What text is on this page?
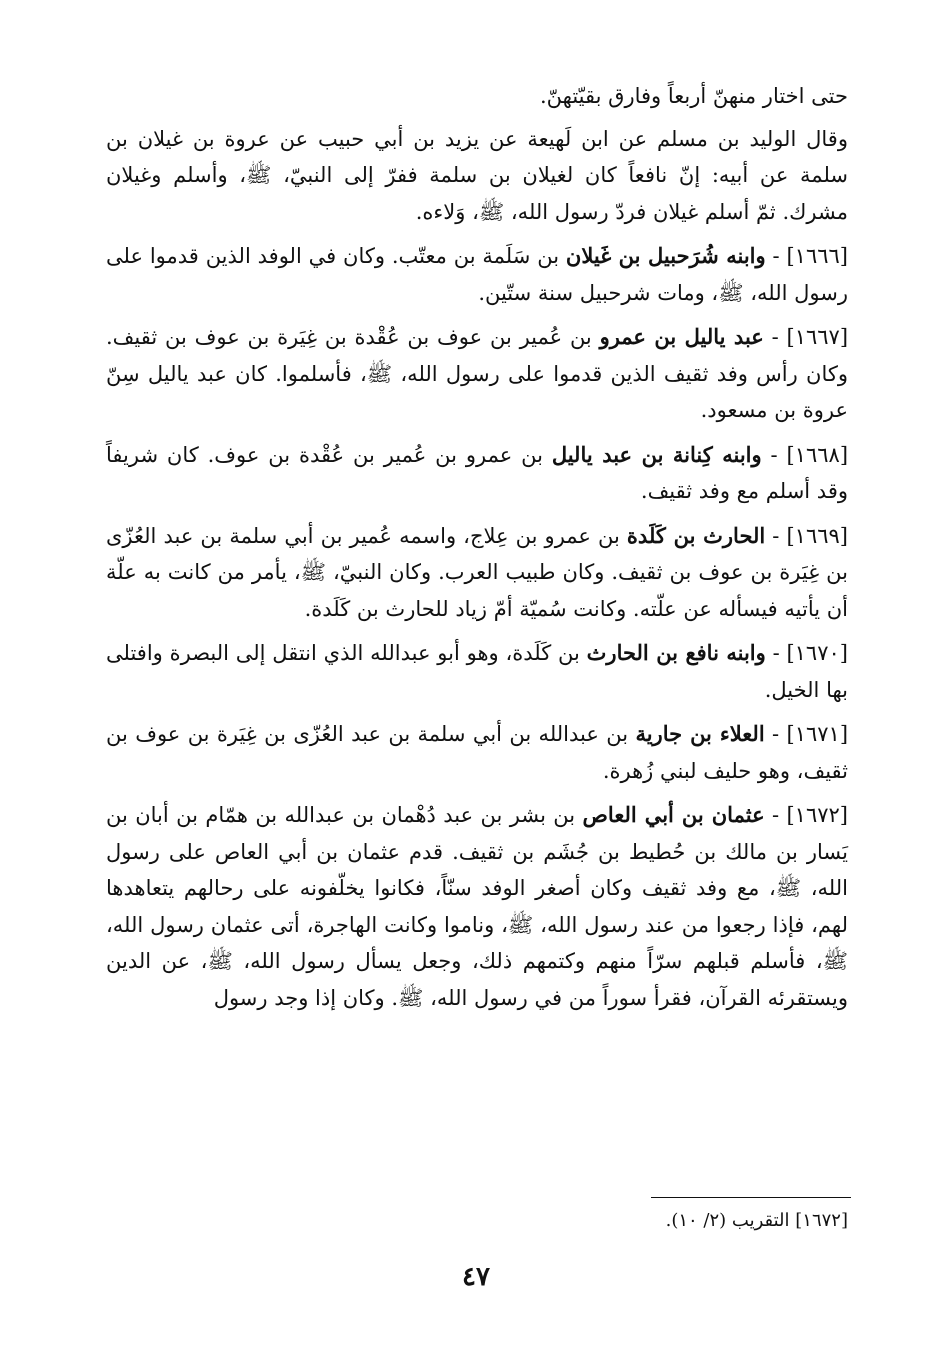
حتى اختار منهنّ أربعاً وفارق بقيّتهنّ.

وقال الوليد بن مسلم عن ابن لَهيعة عن يزيد بن أبي حبيب عن عروة بن غيلان بن سلمة عن أبيه: إنّ نافعاً كان لغيلان بن سلمة ففرّ إلى النبيّ، ﷺ، وأسلم وغيلان مشرك. ثمّ أسلم غيلان فردّ رسول الله، ﷺ، وَلاءه.

[١٦٦٦] - وابنه شُرَحبيل بن غَيلان بن سَلَمة بن معتّب. وكان في الوفد الذين قدموا على رسول الله، ﷺ، ومات شرحبيل سنة ستّين.

[١٦٦٧] - عبد ياليل بن عمرو بن عُمير بن عوف بن عُقْدة بن غِيَرة بن عوف بن ثقيف. وكان رأس وفد ثقيف الذين قدموا على رسول الله، ﷺ، فأسلموا. كان عبد ياليل سِنّ عروة بن مسعود.

[١٦٦٨] - وابنه كِنانة بن عبد ياليل بن عمرو بن عُمير بن عُقْدة بن عوف. كان شريفاً وقد أسلم مع وفد ثقيف.

[١٦٦٩] - الحارث بن كَلَدة بن عمرو بن عِلاج، واسمه عُمير بن أبي سلمة بن عبد العُزّى بن غِيَرة بن عوف بن ثقيف. وكان طبيب العرب. وكان النبيّ، ﷺ، يأمر من كانت به علّة أن يأتيه فيسأله عن علّته. وكانت سُميّة أمّ زياد للحارث بن كَلَدة.

[١٦٧٠] - وابنه نافع بن الحارث بن كَلَدة، وهو أبو عبدالله الذي انتقل إلى البصرة وافتلى بها الخيل.

[١٦٧١] - العلاء بن جارية بن عبدالله بن أبي سلمة بن عبد العُزّى بن غِيَرة بن عوف بن ثقيف، وهو حليف لبني زُهرة.

[١٦٧٢] - عثمان بن أبي العاص بن بشر بن عبد دُهْمان بن عبدالله بن همّام بن أبان بن يَسار بن مالك بن حُطيط بن جُشَم بن ثقيف. قدم عثمان بن أبي العاص على رسول الله، ﷺ، مع وفد ثقيف وكان أصغر الوفد سنّاً، فكانوا يخلّفونه على رحالهم يتعاهدها لهم، فإذا رجعوا من عند رسول الله، ﷺ، وناموا وكانت الهاجرة، أتى عثمان رسول الله، ﷺ، فأسلم قبلهم سرّاً منهم وكتمهم ذلك، وجعل يسأل رسول الله، ﷺ، عن الدين ويستقرئه القرآن، فقرأ سوراً من في رسول الله، ﷺ. وكان إذا وجد رسول

[١٦٧٢] التقريب (٢/ ١٠).
٤٧
